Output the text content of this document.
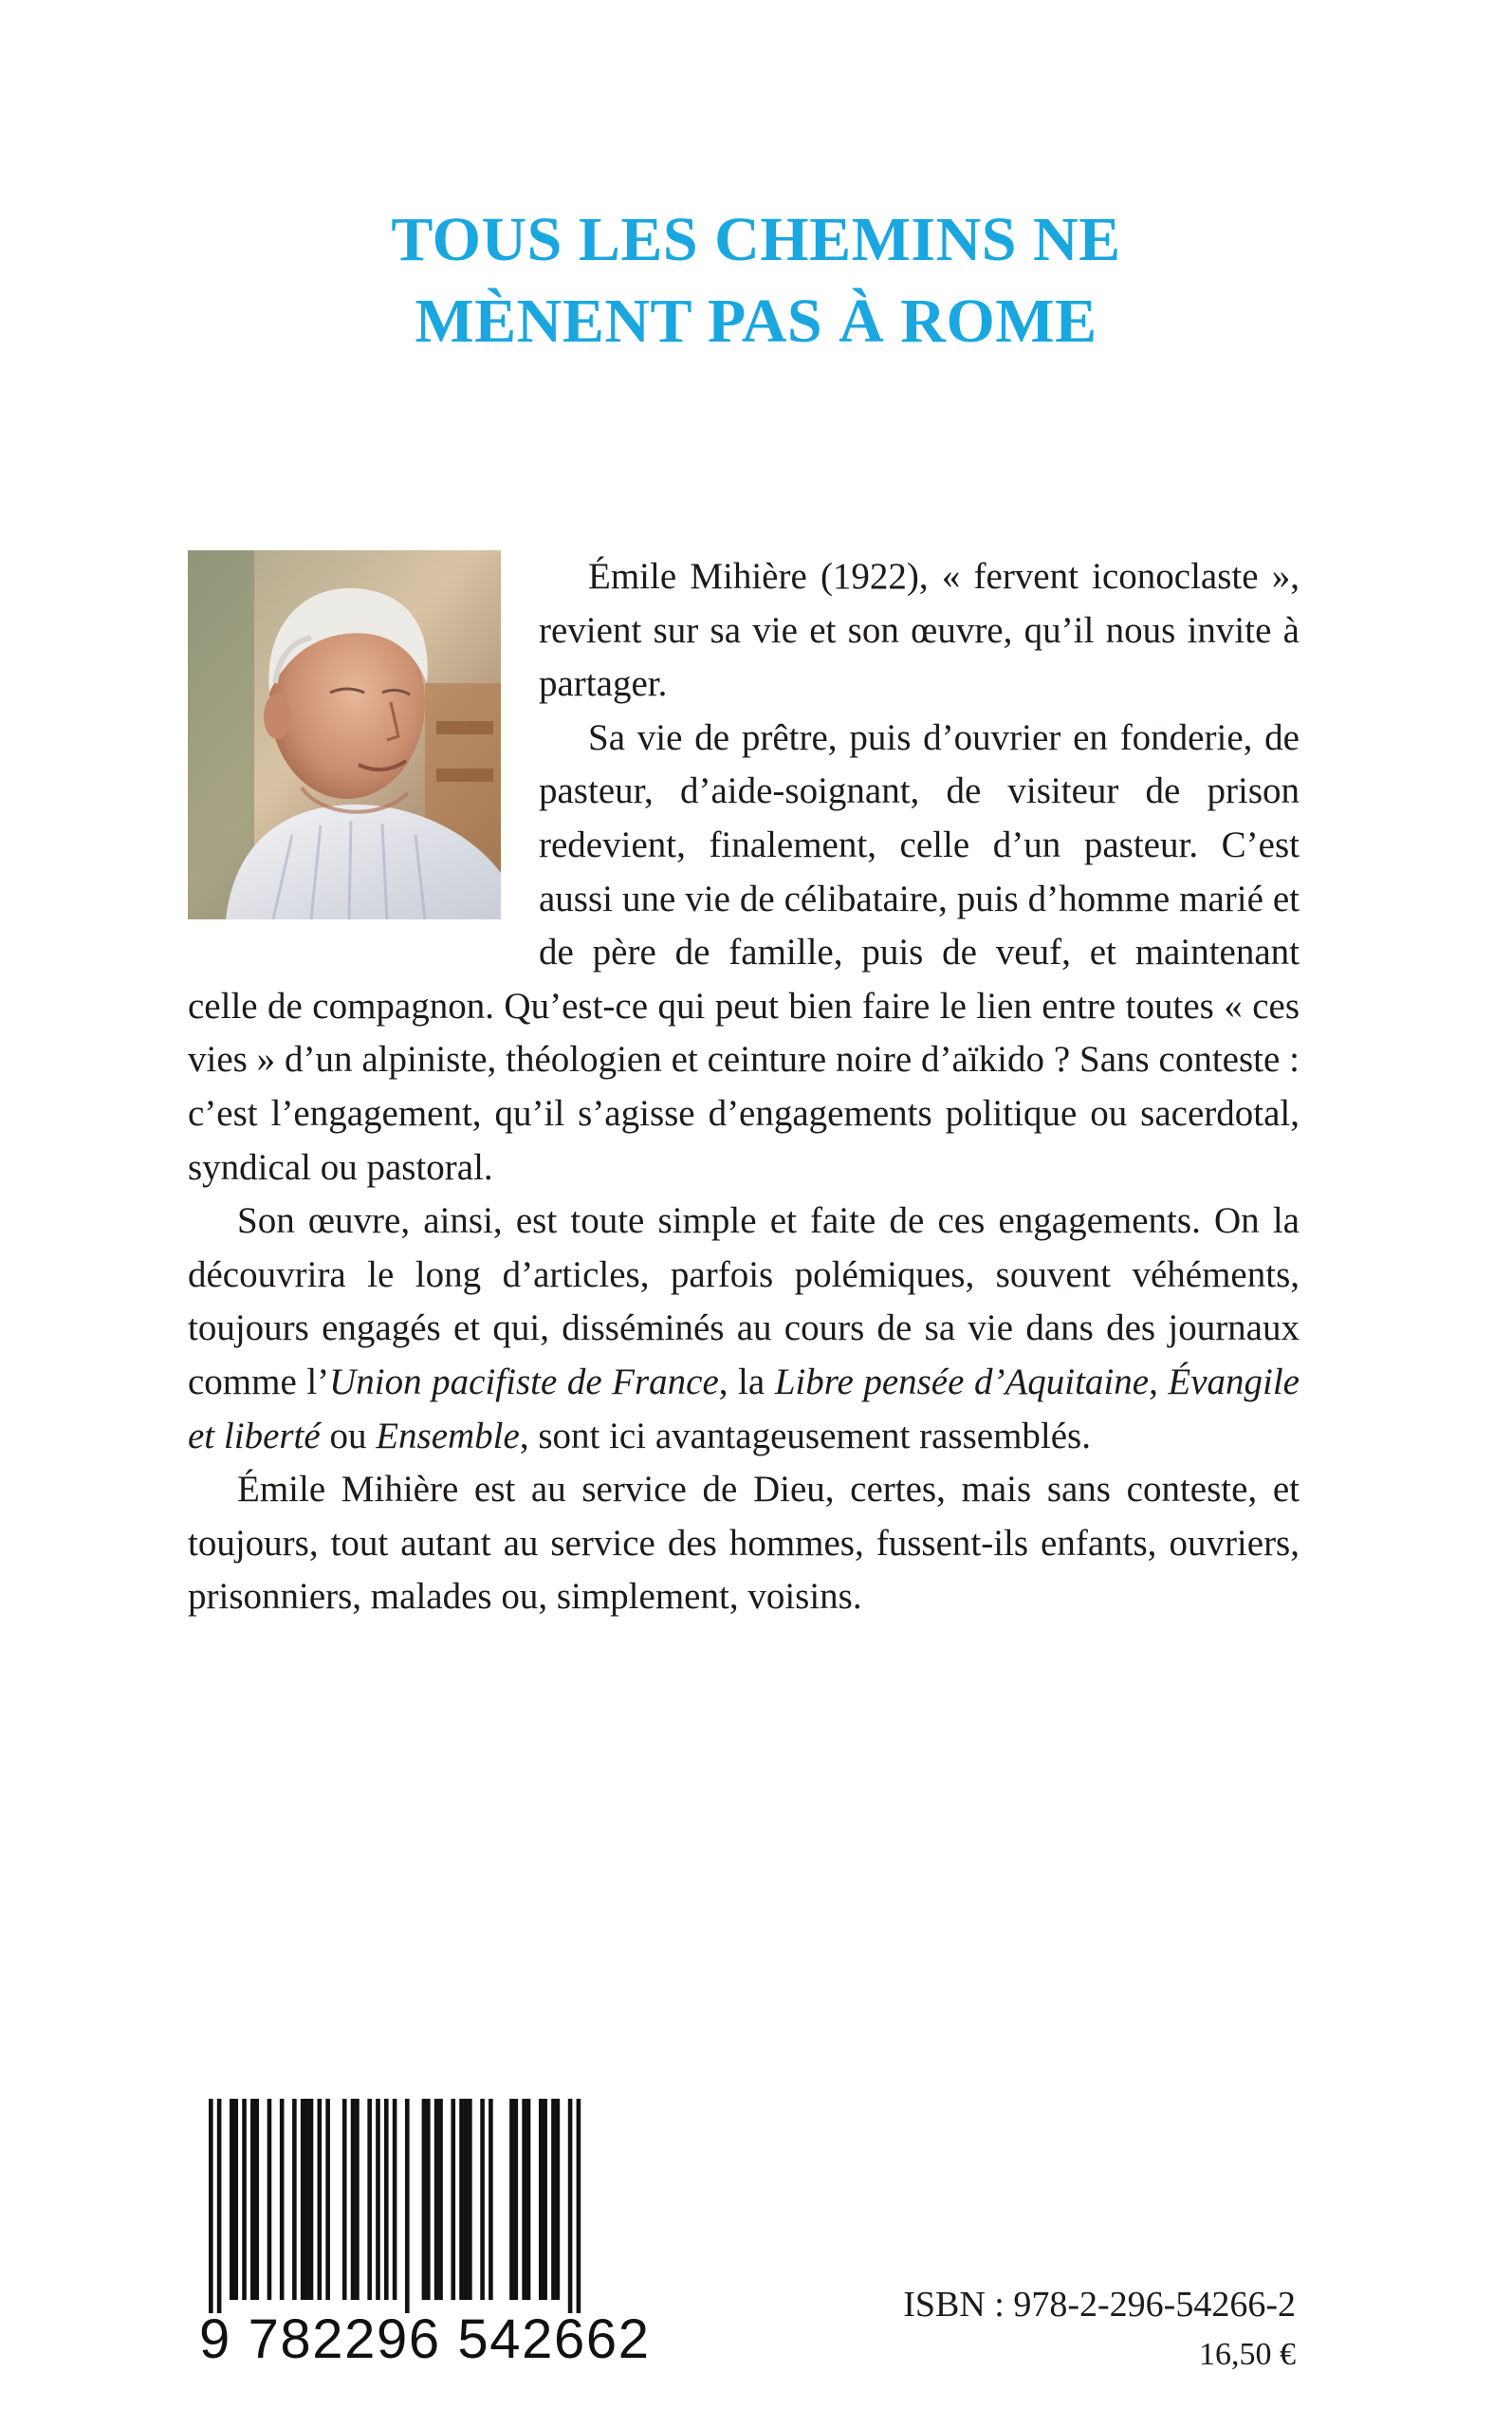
TOUS LES CHEMINS NE
MÈNENT PAS À ROME

Émile Mihière (1922), « fervent iconoclaste », revient sur sa vie et son œuvre, qu’il nous invite à partager.

Sa vie de prêtre, puis d’ouvrier en fonderie, de pasteur, d’aide-soignant, de visiteur de prison redevient, finalement, celle d’un pasteur. C’est aussi une vie de célibataire, puis d’homme marié et de père de famille, puis de veuf, et maintenant celle de compagnon. Qu’est-ce qui peut bien faire le lien entre toutes « ces vies » d’un alpiniste, théologien et ceinture noire d’aïkido ? Sans conteste : c’est l’engagement, qu’il s’agisse d’engagements politique ou sacerdotal, syndical ou pastoral.

Son œuvre, ainsi, est toute simple et faite de ces engagements. On la découvrira le long d’articles, parfois polémiques, souvent véhéments, toujours engagés et qui, disséminés au cours de sa vie dans des journaux comme l’Union pacifiste de France, la Libre pensée d’Aquitaine, Évangile et liberté ou Ensemble, sont ici avantageusement rassemblés.

Émile Mihière est au service de Dieu, certes, mais sans conteste, et toujours, tout autant au service des hommes, fussent-ils enfants, ouvriers, prisonniers, malades ou, simplement, voisins.

9 782296 542662
ISBN : 978-2-296-54266-2
16,50 €
